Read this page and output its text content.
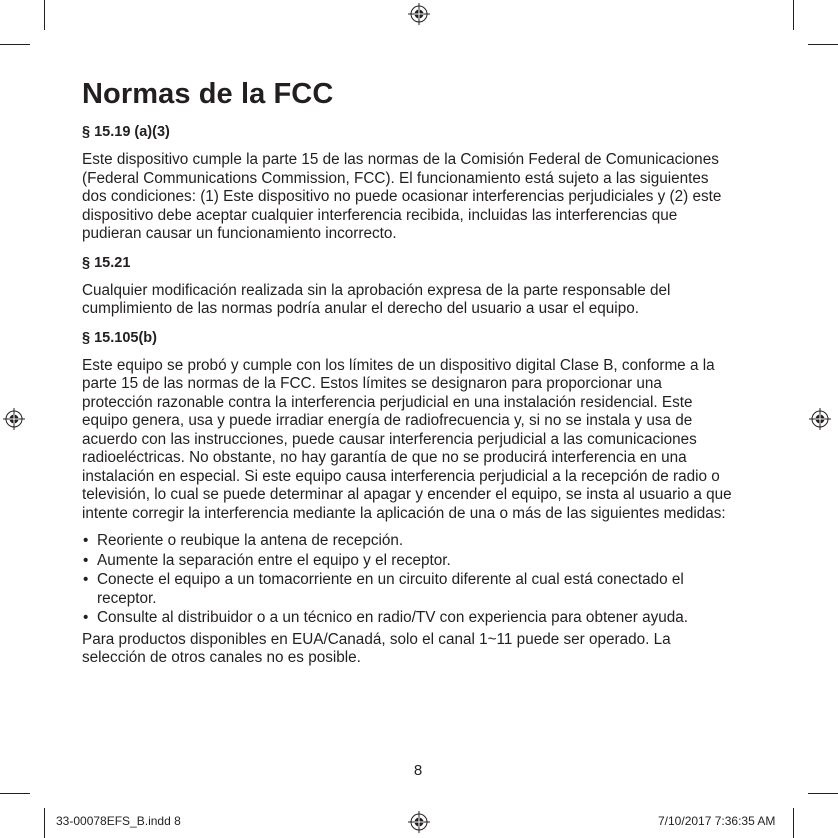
Normas de la FCC
§ 15.19 (a)(3)

Este dispositivo cumple la parte 15 de las normas de la Comisión Federal de Comunicaciones (Federal Communications Commission, FCC). El funcionamiento está sujeto a las siguientes dos condiciones: (1) Este dispositivo no puede ocasionar interferencias perjudiciales y (2) este dispositivo debe aceptar cualquier interferencia recibida, incluidas las interferencias que pudieran causar un funcionamiento incorrecto.

§ 15.21

Cualquier modificación realizada sin la aprobación expresa de la parte responsable del cumplimiento de las normas podría anular el derecho del usuario a usar el equipo.

§ 15.105(b)

Este equipo se probó y cumple con los límites de un dispositivo digital Clase B, conforme a la parte 15 de las normas de la FCC. Estos límites se designaron para proporcionar una protección razonable contra la interferencia perjudicial en una instalación residencial. Este equipo genera, usa y puede irradiar energía de radiofrecuencia y, si no se instala y usa de acuerdo con las instrucciones, puede causar interferencia perjudicial a las comunicaciones radioeléctricas. No obstante, no hay garantía de que no se producirá interferencia en una instalación en especial. Si este equipo causa interferencia perjudicial a la recepción de radio o televisión, lo cual se puede determinar al apagar y encender el equipo, se insta al usuario a que intente corregir la interferencia mediante la aplicación de una o más de las siguientes medidas:

• Reoriente o reubique la antena de recepción.
• Aumente la separación entre el equipo y el receptor.
• Conecte el equipo a un tomacorriente en un circuito diferente al cual está conectado el receptor.
• Consulte al distribuidor o a un técnico en radio/TV con experiencia para obtener ayuda.

Para productos disponibles en EUA/Canadá, solo el canal 1~11 puede ser operado. La selección de otros canales no es posible.

8
33-00078EFS_B.indd 8	7/10/2017 7:36:35 AM
